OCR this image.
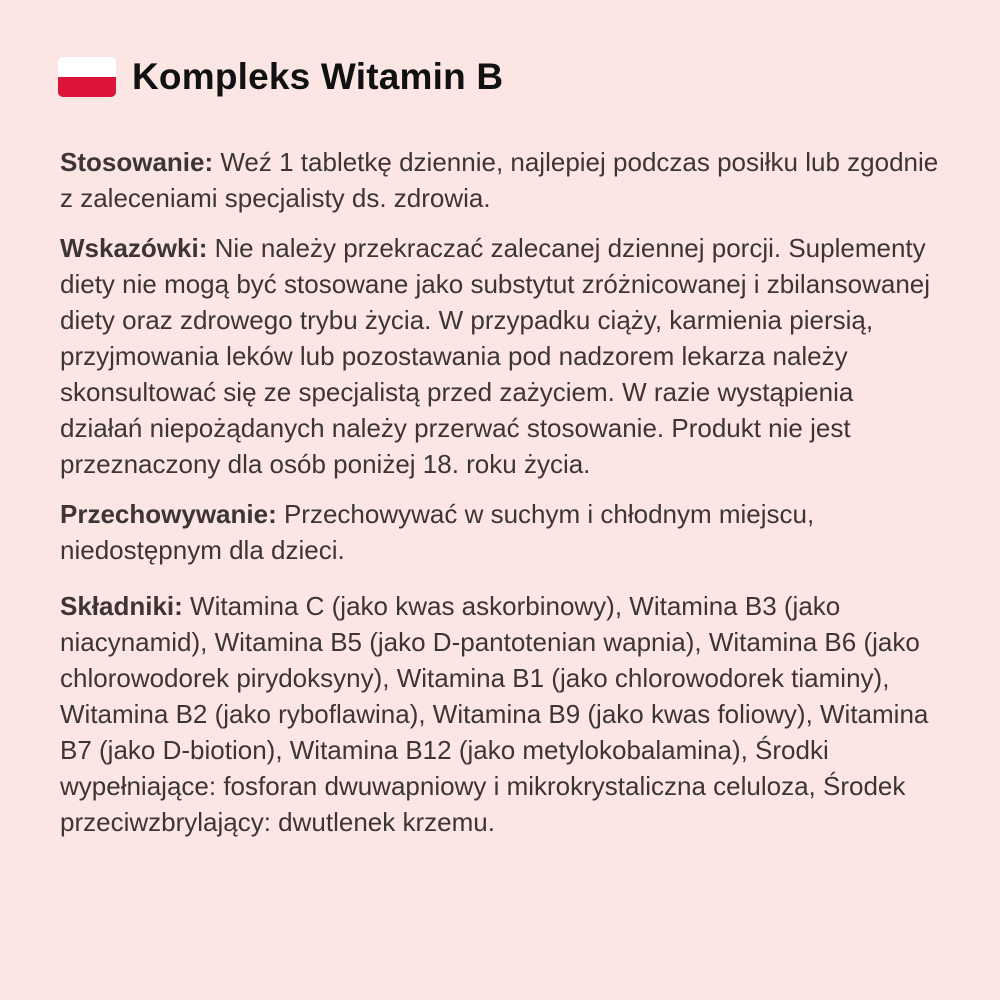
Kompleks Witamin B

Stosowanie: Weź 1 tabletkę dziennie, najlepiej podczas posiłku lub zgodnie z zaleceniami specjalisty ds. zdrowia.

Wskazówki: Nie należy przekraczać zalecanej dziennej porcji. Suplementy diety nie mogą być stosowane jako substytut zróżnicowanej i zbilansowanej diety oraz zdrowego trybu życia. W przypadku ciąży, karmienia piersią, przyjmowania leków lub pozostawania pod nadzorem lekarza należy skonsultować się ze specjalistą przed zażyciem. W razie wystąpienia działań niepożądanych należy przerwać stosowanie. Produkt nie jest przeznaczony dla osób poniżej 18. roku życia.

Przechowywanie: Przechowywać w suchym i chłodnym miejscu, niedostępnym dla dzieci.

Składniki: Witamina C (jako kwas askorbinowy), Witamina B3 (jako niacynamid), Witamina B5 (jako D-pantotenian wapnia), Witamina B6 (jako chlorowodorek pirydoksyny), Witamina B1 (jako chlorowodorek tiaminy), Witamina B2 (jako ryboflawina), Witamina B9 (jako kwas foliowy), Witamina B7 (jako D-biotion), Witamina B12 (jako metylokobalamina), Środki wypełniające: fosforan dwuwapniowy i mikrokrystaliczna celuloza, Środek przeciwzbrylający: dwutlenek krzemu.
